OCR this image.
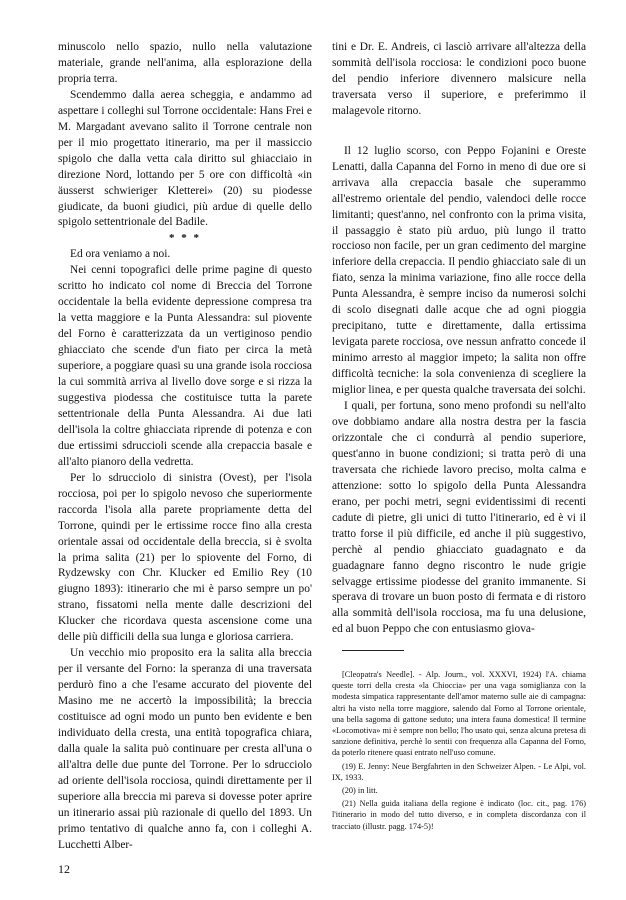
minuscolo nello spazio, nullo nella valutazione materiale, grande nell'anima, alla esplorazione della propria terra.

Scendemmo dalla aerea scheggia, e andammo ad aspettare i colleghi sul Torrone occidentale: Hans Frei e M. Margadant avevano salito il Torrone centrale non per il mio progettato itinerario, ma per il massiccio spigolo che dalla vetta cala diritto sul ghiacciaio in direzione Nord, lottando per 5 ore con difficoltà «in äusserst schwieriger Kletterei» (20) su piodesse giudicate, da buoni giudici, più ardue di quelle dello spigolo settentrionale del Badile.

* * *

Ed ora veniamo a noi.

Nei cenni topografici delle prime pagine di questo scritto ho indicato col nome di Breccia del Torrone occidentale la bella evidente depressione compresa tra la vetta maggiore e la Punta Alessandra: sul piovente del Forno è caratterizzata da un vertiginoso pendio ghiacciato che scende d'un fiato per circa la metà superiore, a poggiare quasi su una grande isola rocciosa la cui sommità arriva al livello dove sorge e si rizza la suggestiva piodessa che costituisce tutta la parete settentrionale della Punta Alessandra. Ai due lati dell'isola la coltre ghiacciata riprende di potenza e con due ertissimi sdruccioli scende alla crepaccia basale e all'alto pianoro della vedretta.

Per lo sdrucciolo di sinistra (Ovest), per l'isola rocciosa, poi per lo spigolo nevoso che superiormente raccorda l'isola alla parete propriamente detta del Torrone, quindi per le ertissime rocce fino alla cresta orientale assai od occidentale della breccia, si è svolta la prima salita (21) per lo spiovente del Forno, di Rydzewsky con Chr. Klucker ed Emilio Rey (10 giugno 1893): itinerario che mi è parso sempre un po' strano, fissatomi nella mente dalle descrizioni del Klucker che ricordava questa ascensione come una delle più difficili della sua lunga e gloriosa carriera.

Un vecchio mio proposito era la salita alla breccia per il versante del Forno: la speranza di una traversata perdurò fino a che l'esame accurato del piovente del Masino me ne accertò la impossibilità; la breccia costituisce ad ogni modo un punto ben evidente e ben individuato della cresta, una entità topografica chiara, dalla quale la salita può continuare per cresta all'una o all'altra delle due punte del Torrone. Per lo sdrucciolo ad oriente dell'isola rocciosa, quindi direttamente per il superiore alla breccia mi pareva si dovesse poter aprire un itinerario assai più razionale di quello del 1893. Un primo tentativo di qualche anno fa, con i colleghi A. Lucchetti Alber-

tini e Dr. E. Andreis, ci lasciò arrivare all'altezza della sommità dell'isola rocciosa: le condizioni poco buone del pendio inferiore divennero malsicure nella traversata verso il superiore, e preferimmo il malagevole ritorno.

Il 12 luglio scorso, con Peppo Fojanini e Oreste Lenatti, dalla Capanna del Forno in meno di due ore si arrivava alla crepaccia basale che superammo all'estremo orientale del pendio, valendoci delle rocce limitanti; quest'anno, nel confronto con la prima visita, il passaggio è stato più arduo, più lungo il tratto roccioso non facile, per un gran cedimento del margine inferiore della crepaccia. Il pendio ghiacciato sale di un fiato, senza la minima variazione, fino alle rocce della Punta Alessandra, è sempre inciso da numerosi solchi di scolo disegnati dalle acque che ad ogni pioggia precipitano, tutte e direttamente, dalla ertissima levigata parete rocciosa, ove nessun anfratto concede il minimo arresto al maggior impeto; la salita non offre difficoltà tecniche: la sola convenienza di scegliere la miglior linea, e per questa qualche traversata dei solchi.

I quali, per fortuna, sono meno profondi su nell'alto ove dobbiamo andare alla nostra destra per la fascia orizzontale che ci condurrà al pendio superiore, quest'anno in buone condizioni; si tratta però di una traversata che richiede lavoro preciso, molta calma e attenzione: sotto lo spigolo della Punta Alessandra erano, per pochi metri, segni evidentissimi di recenti cadute di pietre, gli unici di tutto l'itinerario, ed è vi il tratto forse il più difficile, ed anche il più suggestivo, perchè al pendio ghiacciato guadagnato e da guadagnare fanno degno riscontro le nude grigie selvagge ertissime piodesse del granito immanente. Si sperava di trovare un buon posto di fermata e di ristoro alla sommità dell'isola rocciosa, ma fu una delusione, ed al buon Peppo che con entusiasmo giova-

[Cleopatra's Needle]. - Alp. Journ., vol. XXXVI, 1924) l'A. chiama queste torri della cresta «la Chioccia» per una vaga somiglianza con la modesta simpatica rappresentante dell'amor materno sulle aie di campagna: altri ha visto nella torre maggiore, salendo dal Forno al Torrone orientale, una bella sagoma di gattone seduto; una intera fauna domestica! Il termine «Locomotiva» mi è sempre non bello; l'ho usato qui, senza alcuna pretesa di sanzione definitiva, perchè lo sentii con frequenza alla Capanna del Forno, da poterlo ritenere quasi entrato nell'uso comune.

(19) E. Jenny: Neue Bergfahrten in den Schweizer Alpen. - Le Alpi, vol. IX, 1933.

(20) in litt.

(21) Nella guida italiana della regione è indicato (loc. cit., pag. 176) l'itinerario in modo del tutto diverso, e in completa discordanza con il tracciato (illustr. pagg. 174-5)!

12
